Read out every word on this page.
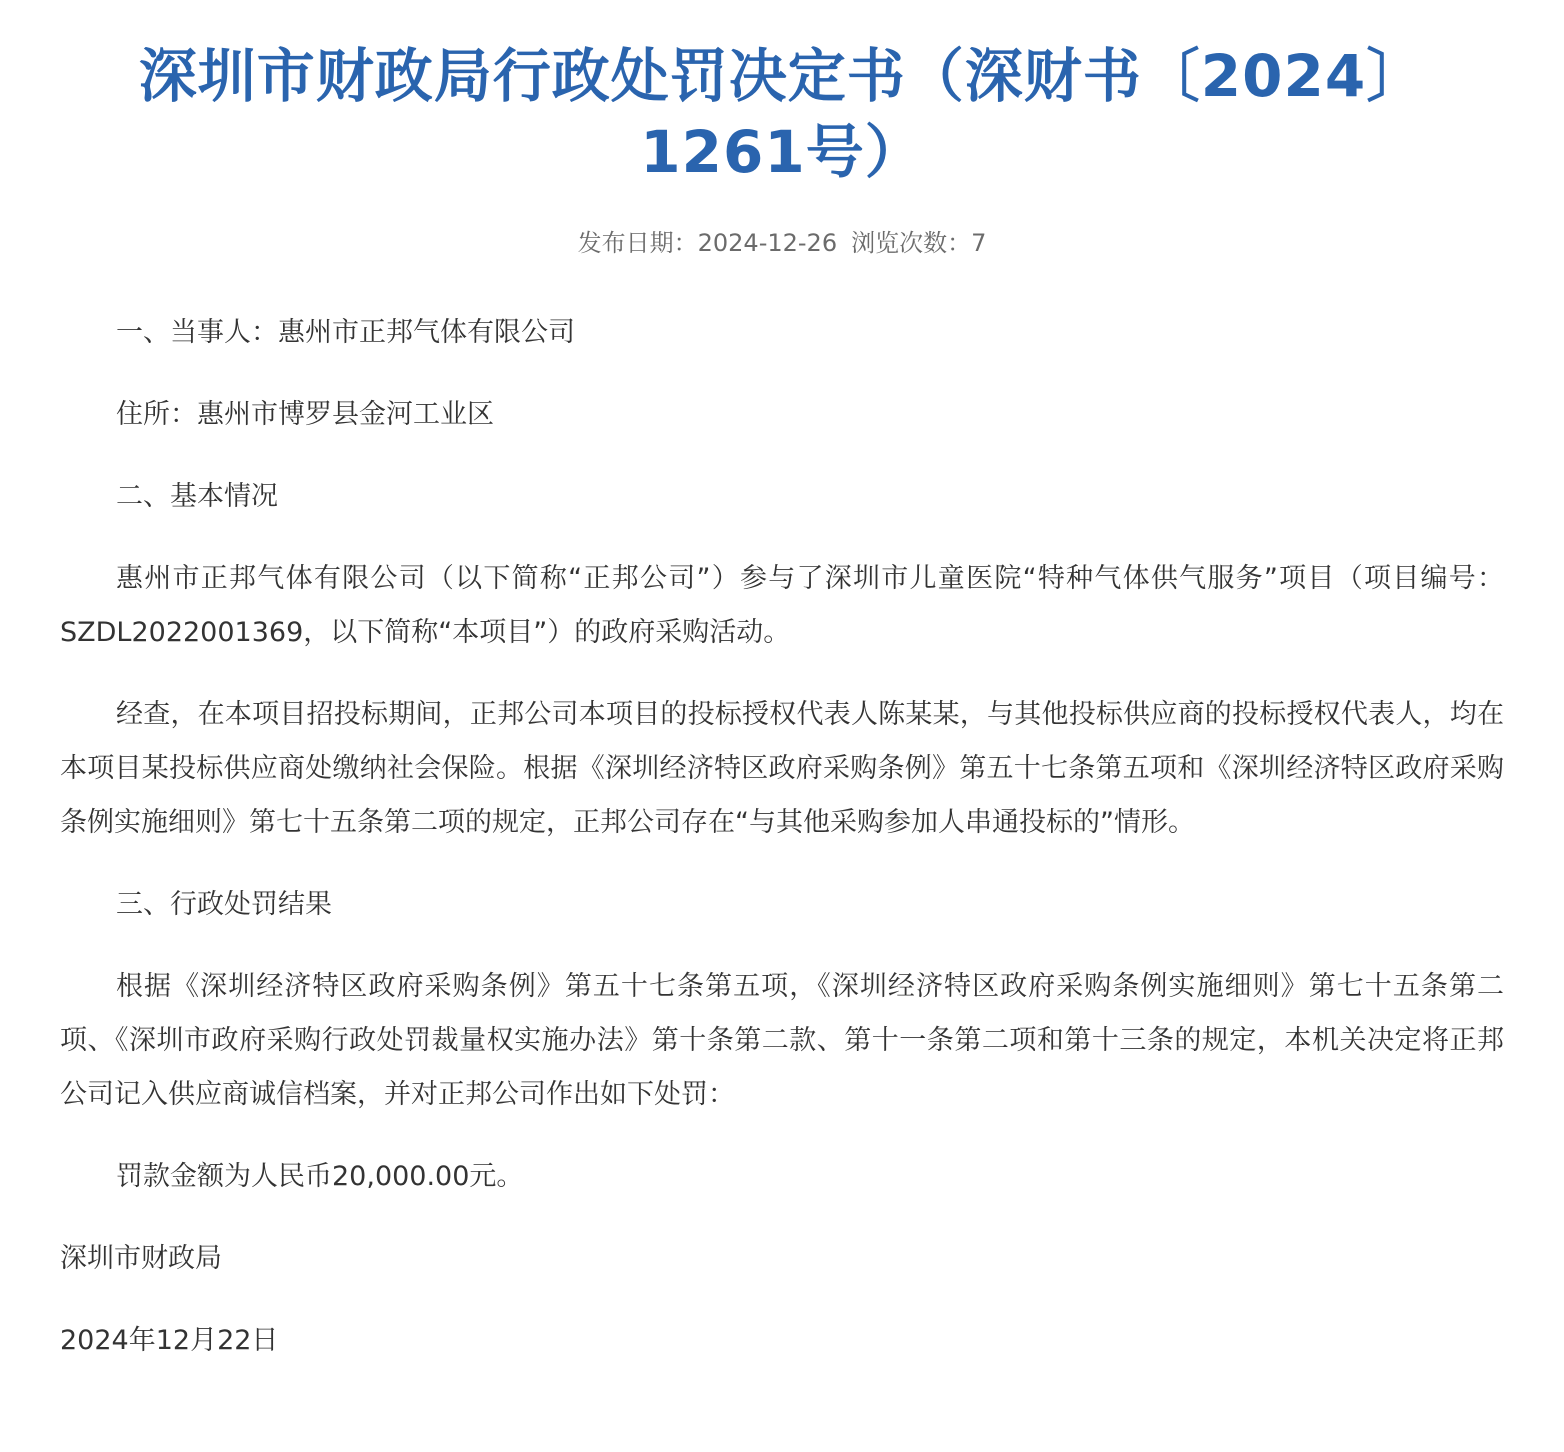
深圳市财政局行政处罚决定书（深财书〔2024〕 1261号）
发布日期：2024-12-26 浏览次数：7

一、当事人：惠州市正邦气体有限公司

住所：惠州市博罗县金河工业区

二、基本情况

惠州市正邦气体有限公司（以下简称“正邦公司”）参与了深圳市儿童医院“特种气体供气服务”项目（项目编号：SZDL2022001369，以下简称“本项目”）的政府采购活动。

经查，在本项目招投标期间，正邦公司本项目的投标授权代表人陈某某，与其他投标供应商的投标授权代表人，均在本项目某投标供应商处缴纳社会保险。根据《深圳经济特区政府采购条例》第五十七条第五项和《深圳经济特区政府采购条例实施细则》第七十五条第二项的规定，正邦公司存在“与其他采购参加人串通投标的”情形。

三、行政处罚结果

根据《深圳经济特区政府采购条例》第五十七条第五项，《深圳经济特区政府采购条例实施细则》第七十五条第二项、《深圳市政府采购行政处罚裁量权实施办法》第十条第二款、第十一条第二项和第十三条的规定，本机关决定将正邦公司记入供应商诚信档案，并对正邦公司作出如下处罚：

罚款金额为人民币20,000.00元。

深圳市财政局

2024年12月22日
